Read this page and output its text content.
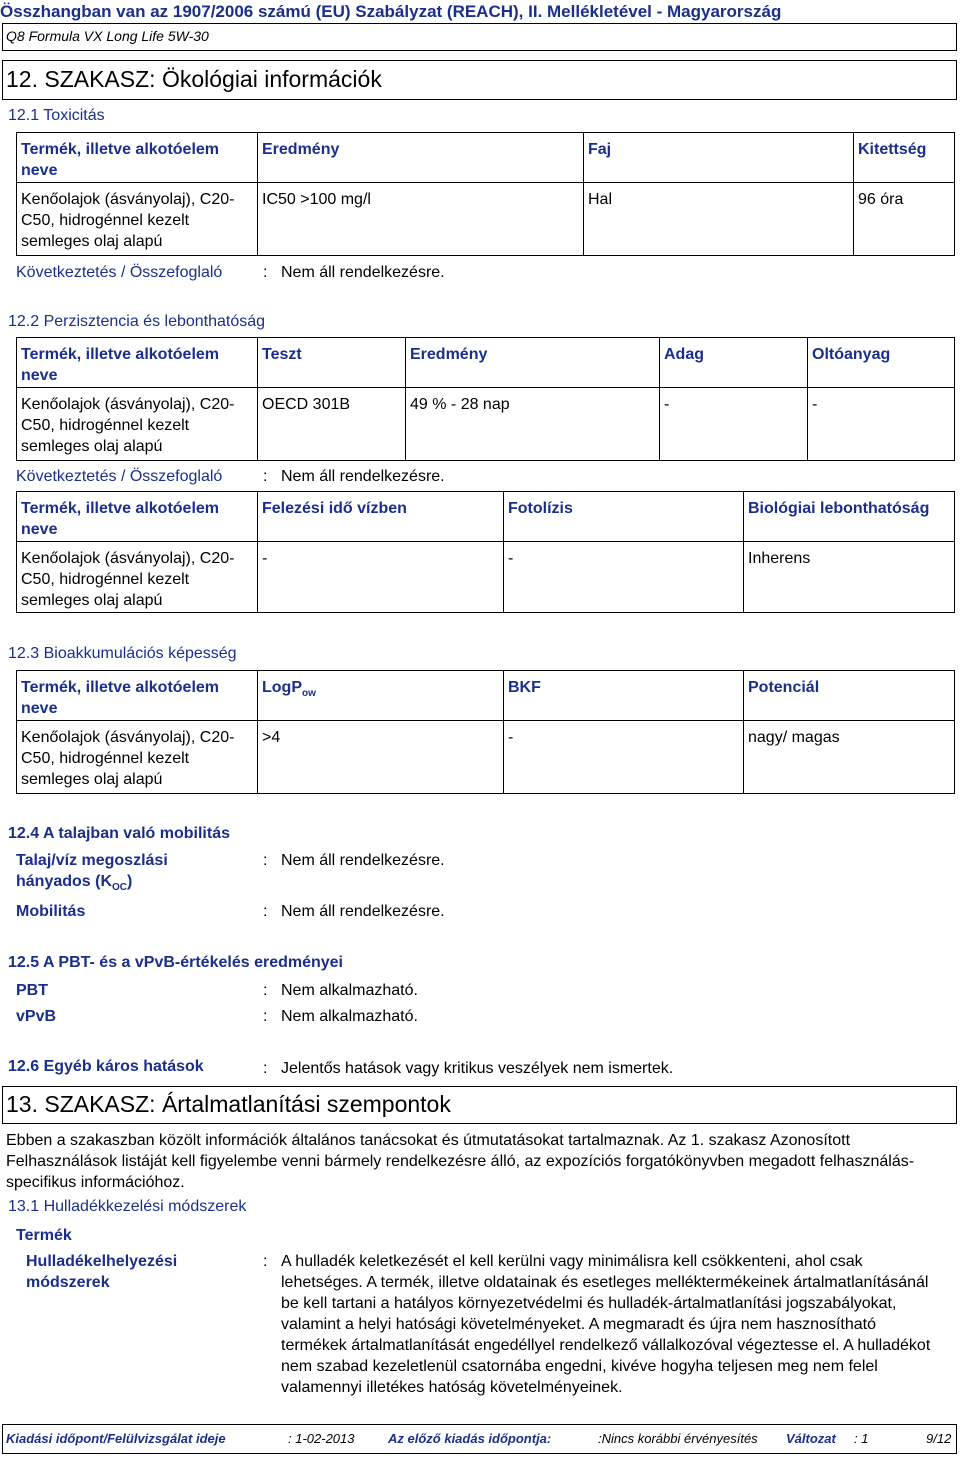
Összhangban van az 1907/2006 számú (EU) Szabályzat (REACH), II. Mellékletével - Magyarország
Q8 Formula VX Long Life 5W-30
12. SZAKASZ: Ökológiai információk
12.1 Toxicitás
Termék, illetve alkotóelem neve	Eredmény	Faj	Kitettség
Kenőolajok (ásványolaj), C20-C50, hidrogénnel kezelt semleges olaj alapú	IC50 >100 mg/l	Hal	96 óra
Következtetés / Összefoglaló	: Nem áll rendelkezésre.
12.2 Perzisztencia és lebonthatóság
Termék, illetve alkotóelem neve	Teszt	Eredmény	Adag	Oltóanyag
Kenőolajok (ásványolaj), C20-C50, hidrogénnel kezelt semleges olaj alapú	OECD 301B	49 % - 28 nap	-	-
Következtetés / Összefoglaló	: Nem áll rendelkezésre.
Termék, illetve alkotóelem neve	Felezési idő vízben	Fotolízis	Biológiai lebonthatóság
Kenőolajok (ásványolaj), C20-C50, hidrogénnel kezelt semleges olaj alapú	-	-	Inherens
12.3 Bioakkumulációs képesség
Termék, illetve alkotóelem neve	LogP$_{ow}$	BKF	Potenciál
Kenőolajok (ásványolaj), C20-C50, hidrogénnel kezelt semleges olaj alapú	>4	-	nagy/ magas
12.4 A talajban való mobilitás
Talaj/víz megoszlási hányados $(K_{OC})$
: Nem áll rendelkezésre.
Mobilitás	: Nem áll rendelkezésre.
12.5 A PBT- és a vPvB-értékelés eredményei
PBT	: Nem alkalmazható.
vPvB	: Nem alkalmazható.
12.6 Egyéb káros hatások	: Jelentős hatások vagy kritikus veszélyek nem ismertek.
13. SZAKASZ: Ártalmatlanítási szempontok
Ebben a szakaszban közölt információk általános tanácsokat és útmutatásokat tartalmaznak. Az 1. szakasz Azonosított Felhasználások listáját kell figyelembe venni bármely rendelkezésre álló, az expozíciós forgatókönyvben megadott felhasználás-specifikus információhoz.
13.1 Hulladékkezelési módszerek
Termék
Hulladékelhelyezési módszerek
: A hulladék keletkezését el kell kerülni vagy minimálisra kell csökkenteni, ahol csak lehetséges. A termék, illetve oldatainak és esetleges melléktermékeinek ártalmatlanításánál be kell tartani a hatályos környezetvédelmi és hulladék-ártalmatlanítási jogszabályokat, valamint a helyi hatósági követelményeket. A megmaradt és újra nem hasznosítható termékek ártalmatlanítását engedéllyel rendelkező vállalkozóval végeztesse el. A hulladékot nem szabad kezeletlenül csatornába engedni, kivéve hogyha teljesen meg nem felel valamennyi illetékes hatóság követelményeinek.
Kiadási időpont/Felülvizsgálat ideje	: 1-02-2013	Az előző kiadás időpontja:	:Nincs korábbi érvényesítés Változat : 1	9/12
